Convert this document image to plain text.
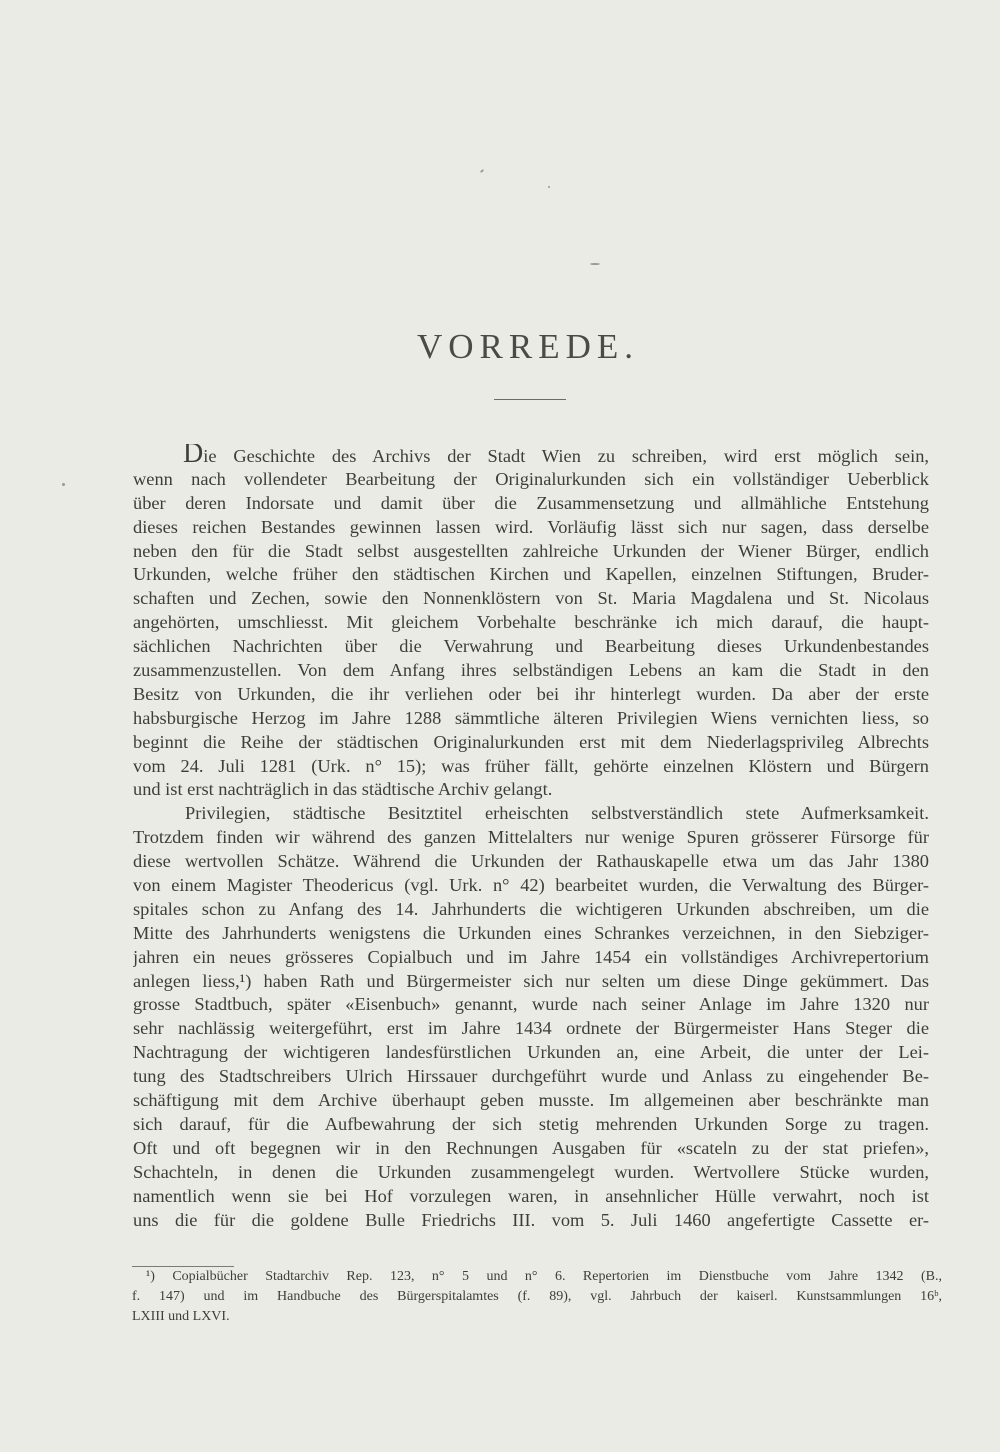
VORREDE.
Die Geschichte des Archivs der Stadt Wien zu schreiben, wird erst möglich sein,
wenn nach vollendeter Bearbeitung der Originalurkunden sich ein vollständiger Ueberblick
über deren Indorsate und damit über die Zusammensetzung und allmähliche Entstehung
dieses reichen Bestandes gewinnen lassen wird. Vorläufig lässt sich nur sagen, dass derselbe
neben den für die Stadt selbst ausgestellten zahlreiche Urkunden der Wiener Bürger, endlich
Urkunden, welche früher den städtischen Kirchen und Kapellen, einzelnen Stiftungen, Bruder-
schaften und Zechen, sowie den Nonnenklöstern von St. Maria Magdalena und St. Nicolaus
angehörten, umschliesst. Mit gleichem Vorbehalte beschränke ich mich darauf, die haupt-
sächlichen Nachrichten über die Verwahrung und Bearbeitung dieses Urkundenbestandes
zusammenzustellen. Von dem Anfang ihres selbständigen Lebens an kam die Stadt in den
Besitz von Urkunden, die ihr verliehen oder bei ihr hinterlegt wurden. Da aber der erste
habsburgische Herzog im Jahre 1288 sämmtliche älteren Privilegien Wiens vernichten liess, so
beginnt die Reihe der städtischen Originalurkunden erst mit dem Niederlagsprivileg Albrechts
vom 24. Juli 1281 (Urk. n° 15); was früher fällt, gehörte einzelnen Klöstern und Bürgern
und ist erst nachträglich in das städtische Archiv gelangt.
Privilegien, städtische Besitztitel erheischten selbstverständlich stete Aufmerksamkeit.
Trotzdem finden wir während des ganzen Mittelalters nur wenige Spuren grösserer Fürsorge für
diese wertvollen Schätze. Während die Urkunden der Rathauskapelle etwa um das Jahr 1380
von einem Magister Theodericus (vgl. Urk. n° 42) bearbeitet wurden, die Verwaltung des Bürger-
spitales schon zu Anfang des 14. Jahrhunderts die wichtigeren Urkunden abschreiben, um die
Mitte des Jahrhunderts wenigstens die Urkunden eines Schrankes verzeichnen, in den Siebziger-
jahren ein neues grösseres Copialbuch und im Jahre 1454 ein vollständiges Archivrepertorium
anlegen liess,¹) haben Rath und Bürgermeister sich nur selten um diese Dinge gekümmert. Das
grosse Stadtbuch, später «Eisenbuch» genannt, wurde nach seiner Anlage im Jahre 1320 nur
sehr nachlässig weitergeführt, erst im Jahre 1434 ordnete der Bürgermeister Hans Steger die
Nachtragung der wichtigeren landesfürstlichen Urkunden an, eine Arbeit, die unter der Lei-
tung des Stadtschreibers Ulrich Hirssauer durchgeführt wurde und Anlass zu eingehender Be-
schäftigung mit dem Archive überhaupt geben musste. Im allgemeinen aber beschränkte man
sich darauf, für die Aufbewahrung der sich stetig mehrenden Urkunden Sorge zu tragen.
Oft und oft begegnen wir in den Rechnungen Ausgaben für «scateln zu der stat priefen»,
Schachteln, in denen die Urkunden zusammengelegt wurden. Wertvollere Stücke wurden,
namentlich wenn sie bei Hof vorzulegen waren, in ansehnlicher Hülle verwahrt, noch ist
uns die für die goldene Bulle Friedrichs III. vom 5. Juli 1460 angefertigte Cassette er-
¹) Copialbücher Stadtarchiv Rep. 123, n° 5 und n° 6. Repertorien im Dienstbuche vom Jahre 1342 (B.,
f. 147) und im Handbuche des Bürgerspitalamtes (f. 89), vgl. Jahrbuch der kaiserl. Kunstsammlungen 16ᵇ,
LXIII und LXVI.
